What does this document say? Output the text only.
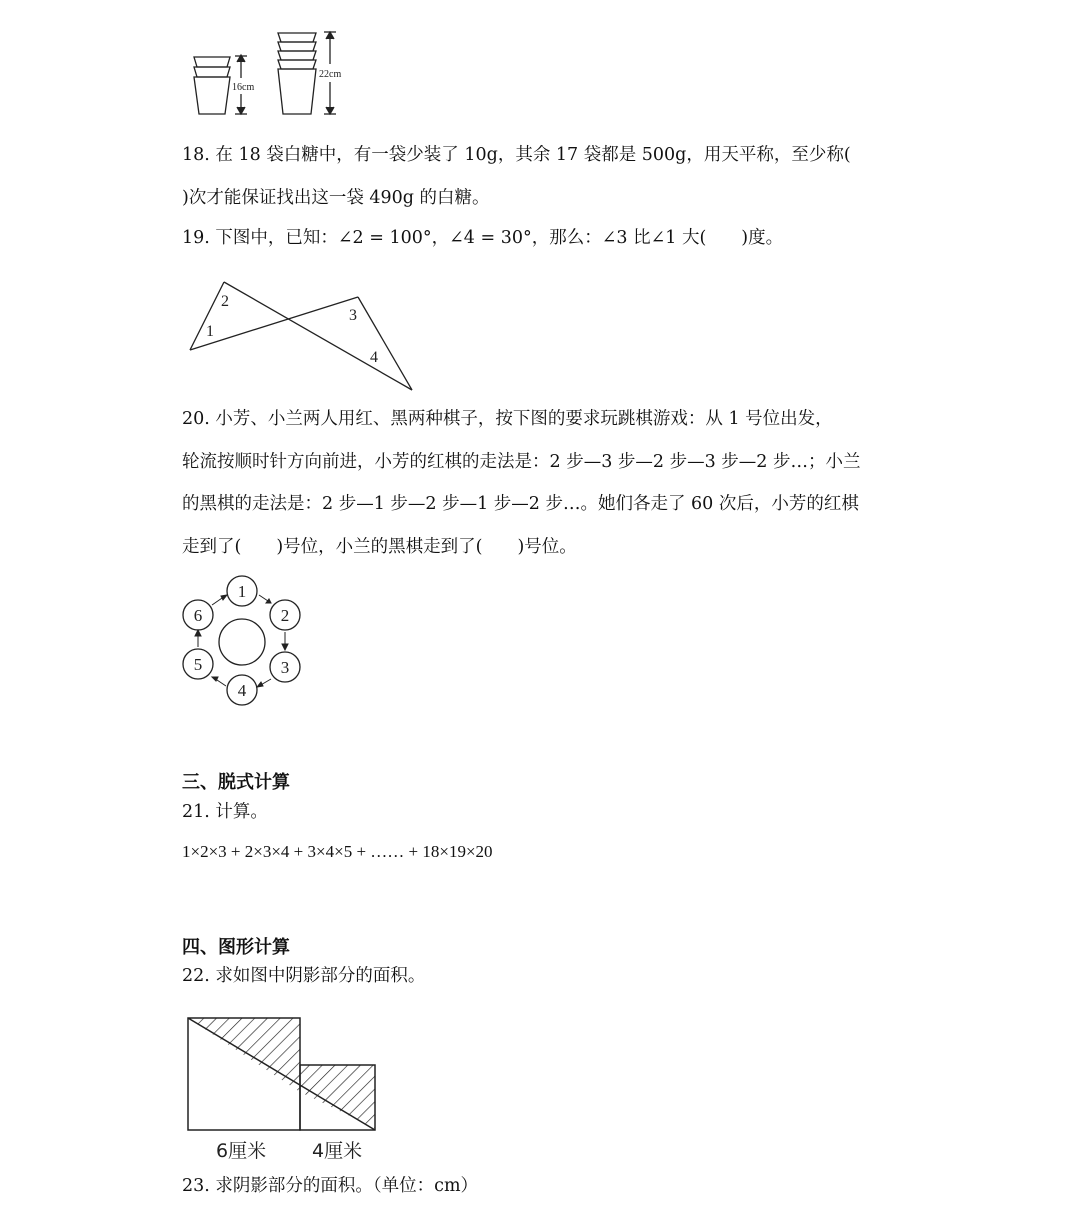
16cm
22cm
18. 在 18 袋白糖中，有一袋少装了 10g，其余 17 袋都是 500g，用天平称，至少称(
)次才能保证找出这一袋 490g 的白糖。
19. 下图中，已知：∠2 = 100°，∠4 = 30°，那么：∠3 比∠1 大(　　)度。
2
1
3
4
20. 小芳、小兰两人用红、黑两种棋子，按下图的要求玩跳棋游戏：从 1 号位出发，
轮流按顺时针方向前进，小芳的红棋的走法是：2 步—3 步—2 步—3 步—2 步…；小兰
的黑棋的走法是：2 步—1 步—2 步—1 步—2 步…。她们各走了 60 次后，小芳的红棋
走到了(　　)号位，小兰的黑棋走到了(　　)号位。
1
2
3
4
5
6
三、脱式计算
21. 计算。
1×2×3 + 2×3×4 + 3×4×5 + …… + 18×19×20
四、图形计算
22. 求如图中阴影部分的面积。
6厘米 4厘米
23. 求阴影部分的面积。（单位：cm）
